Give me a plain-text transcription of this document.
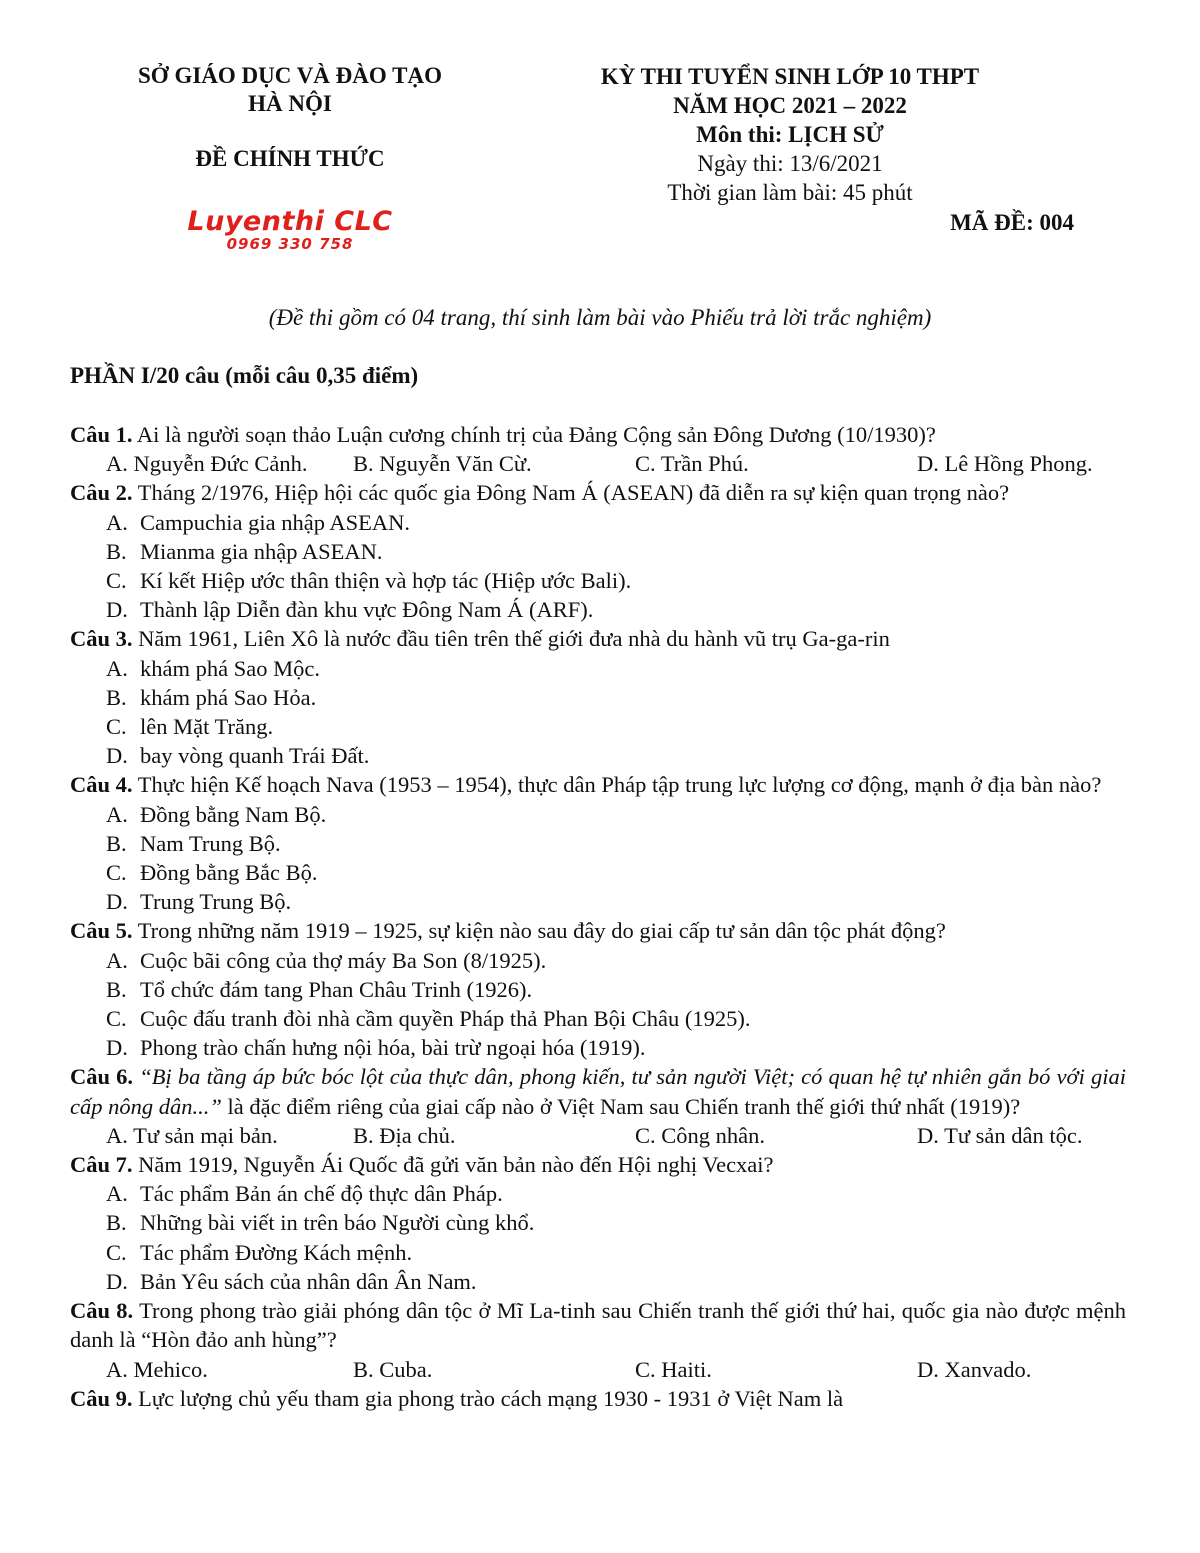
SỞ GIÁO DỤC VÀ ĐÀO TẠO
HÀ NỘI
ĐỀ CHÍNH THỨC
KỲ THI TUYỂN SINH LỚP 10 THPT
NĂM HỌC 2021 – 2022
Môn thi: LỊCH SỬ
Ngày thi: 13/6/2021
Thời gian làm bài: 45 phút
MÃ ĐỀ: 004
Luyenthi CLC
0969 330 758
(Đề thi gồm có 04 trang, thí sinh làm bài vào Phiếu trả lời trắc nghiệm)
PHẦN I/20 câu (mỗi câu 0,35 điểm)
Câu 1. Ai là người soạn thảo Luận cương chính trị của Đảng Cộng sản Đông Dương (10/1930)?
A. Nguyễn Đức Cảnh.	B. Nguyễn Văn Cừ.	C. Trần Phú.	D. Lê Hồng Phong.
Câu 2. Tháng 2/1976, Hiệp hội các quốc gia Đông Nam Á (ASEAN) đã diễn ra sự kiện quan trọng nào?
A. Campuchia gia nhập ASEAN.
B. Mianma gia nhập ASEAN.
C. Kí kết Hiệp ước thân thiện và hợp tác (Hiệp ước Bali).
D. Thành lập Diễn đàn khu vực Đông Nam Á (ARF).
Câu 3. Năm 1961, Liên Xô là nước đầu tiên trên thế giới đưa nhà du hành vũ trụ Ga-ga-rin
A. khám phá Sao Mộc.
B. khám phá Sao Hỏa.
C. lên Mặt Trăng.
D. bay vòng quanh Trái Đất.
Câu 4. Thực hiện Kế hoạch Nava (1953 – 1954), thực dân Pháp tập trung lực lượng cơ động, mạnh ở địa bàn nào?
A. Đồng bằng Nam Bộ.
B. Nam Trung Bộ.
C. Đồng bằng Bắc Bộ.
D. Trung Trung Bộ.
Câu 5. Trong những năm 1919 – 1925, sự kiện nào sau đây do giai cấp tư sản dân tộc phát động?
A. Cuộc bãi công của thợ máy Ba Son (8/1925).
B. Tổ chức đám tang Phan Châu Trinh (1926).
C. Cuộc đấu tranh đòi nhà cầm quyền Pháp thả Phan Bội Châu (1925).
D. Phong trào chấn hưng nội hóa, bài trừ ngoại hóa (1919).
Câu 6. “Bị ba tầng áp bức bóc lột của thực dân, phong kiến, tư sản người Việt; có quan hệ tự nhiên gắn bó với giai cấp nông dân...” là đặc điểm riêng của giai cấp nào ở Việt Nam sau Chiến tranh thế giới thứ nhất (1919)?
A. Tư sản mại bản.	B. Địa chủ.	C. Công nhân.	D. Tư sản dân tộc.
Câu 7. Năm 1919, Nguyễn Ái Quốc đã gửi văn bản nào đến Hội nghị Vecxai?
A. Tác phẩm Bản án chế độ thực dân Pháp.
B. Những bài viết in trên báo Người cùng khổ.
C. Tác phẩm Đường Kách mệnh.
D. Bản Yêu sách của nhân dân Ân Nam.
Câu 8. Trong phong trào giải phóng dân tộc ở Mĩ La-tinh sau Chiến tranh thế giới thứ hai, quốc gia nào được mệnh danh là “Hòn đảo anh hùng”?
A. Mehico.	B. Cuba.	C. Haiti.	D. Xanvado.
Câu 9. Lực lượng chủ yếu tham gia phong trào cách mạng 1930 - 1931 ở Việt Nam là
